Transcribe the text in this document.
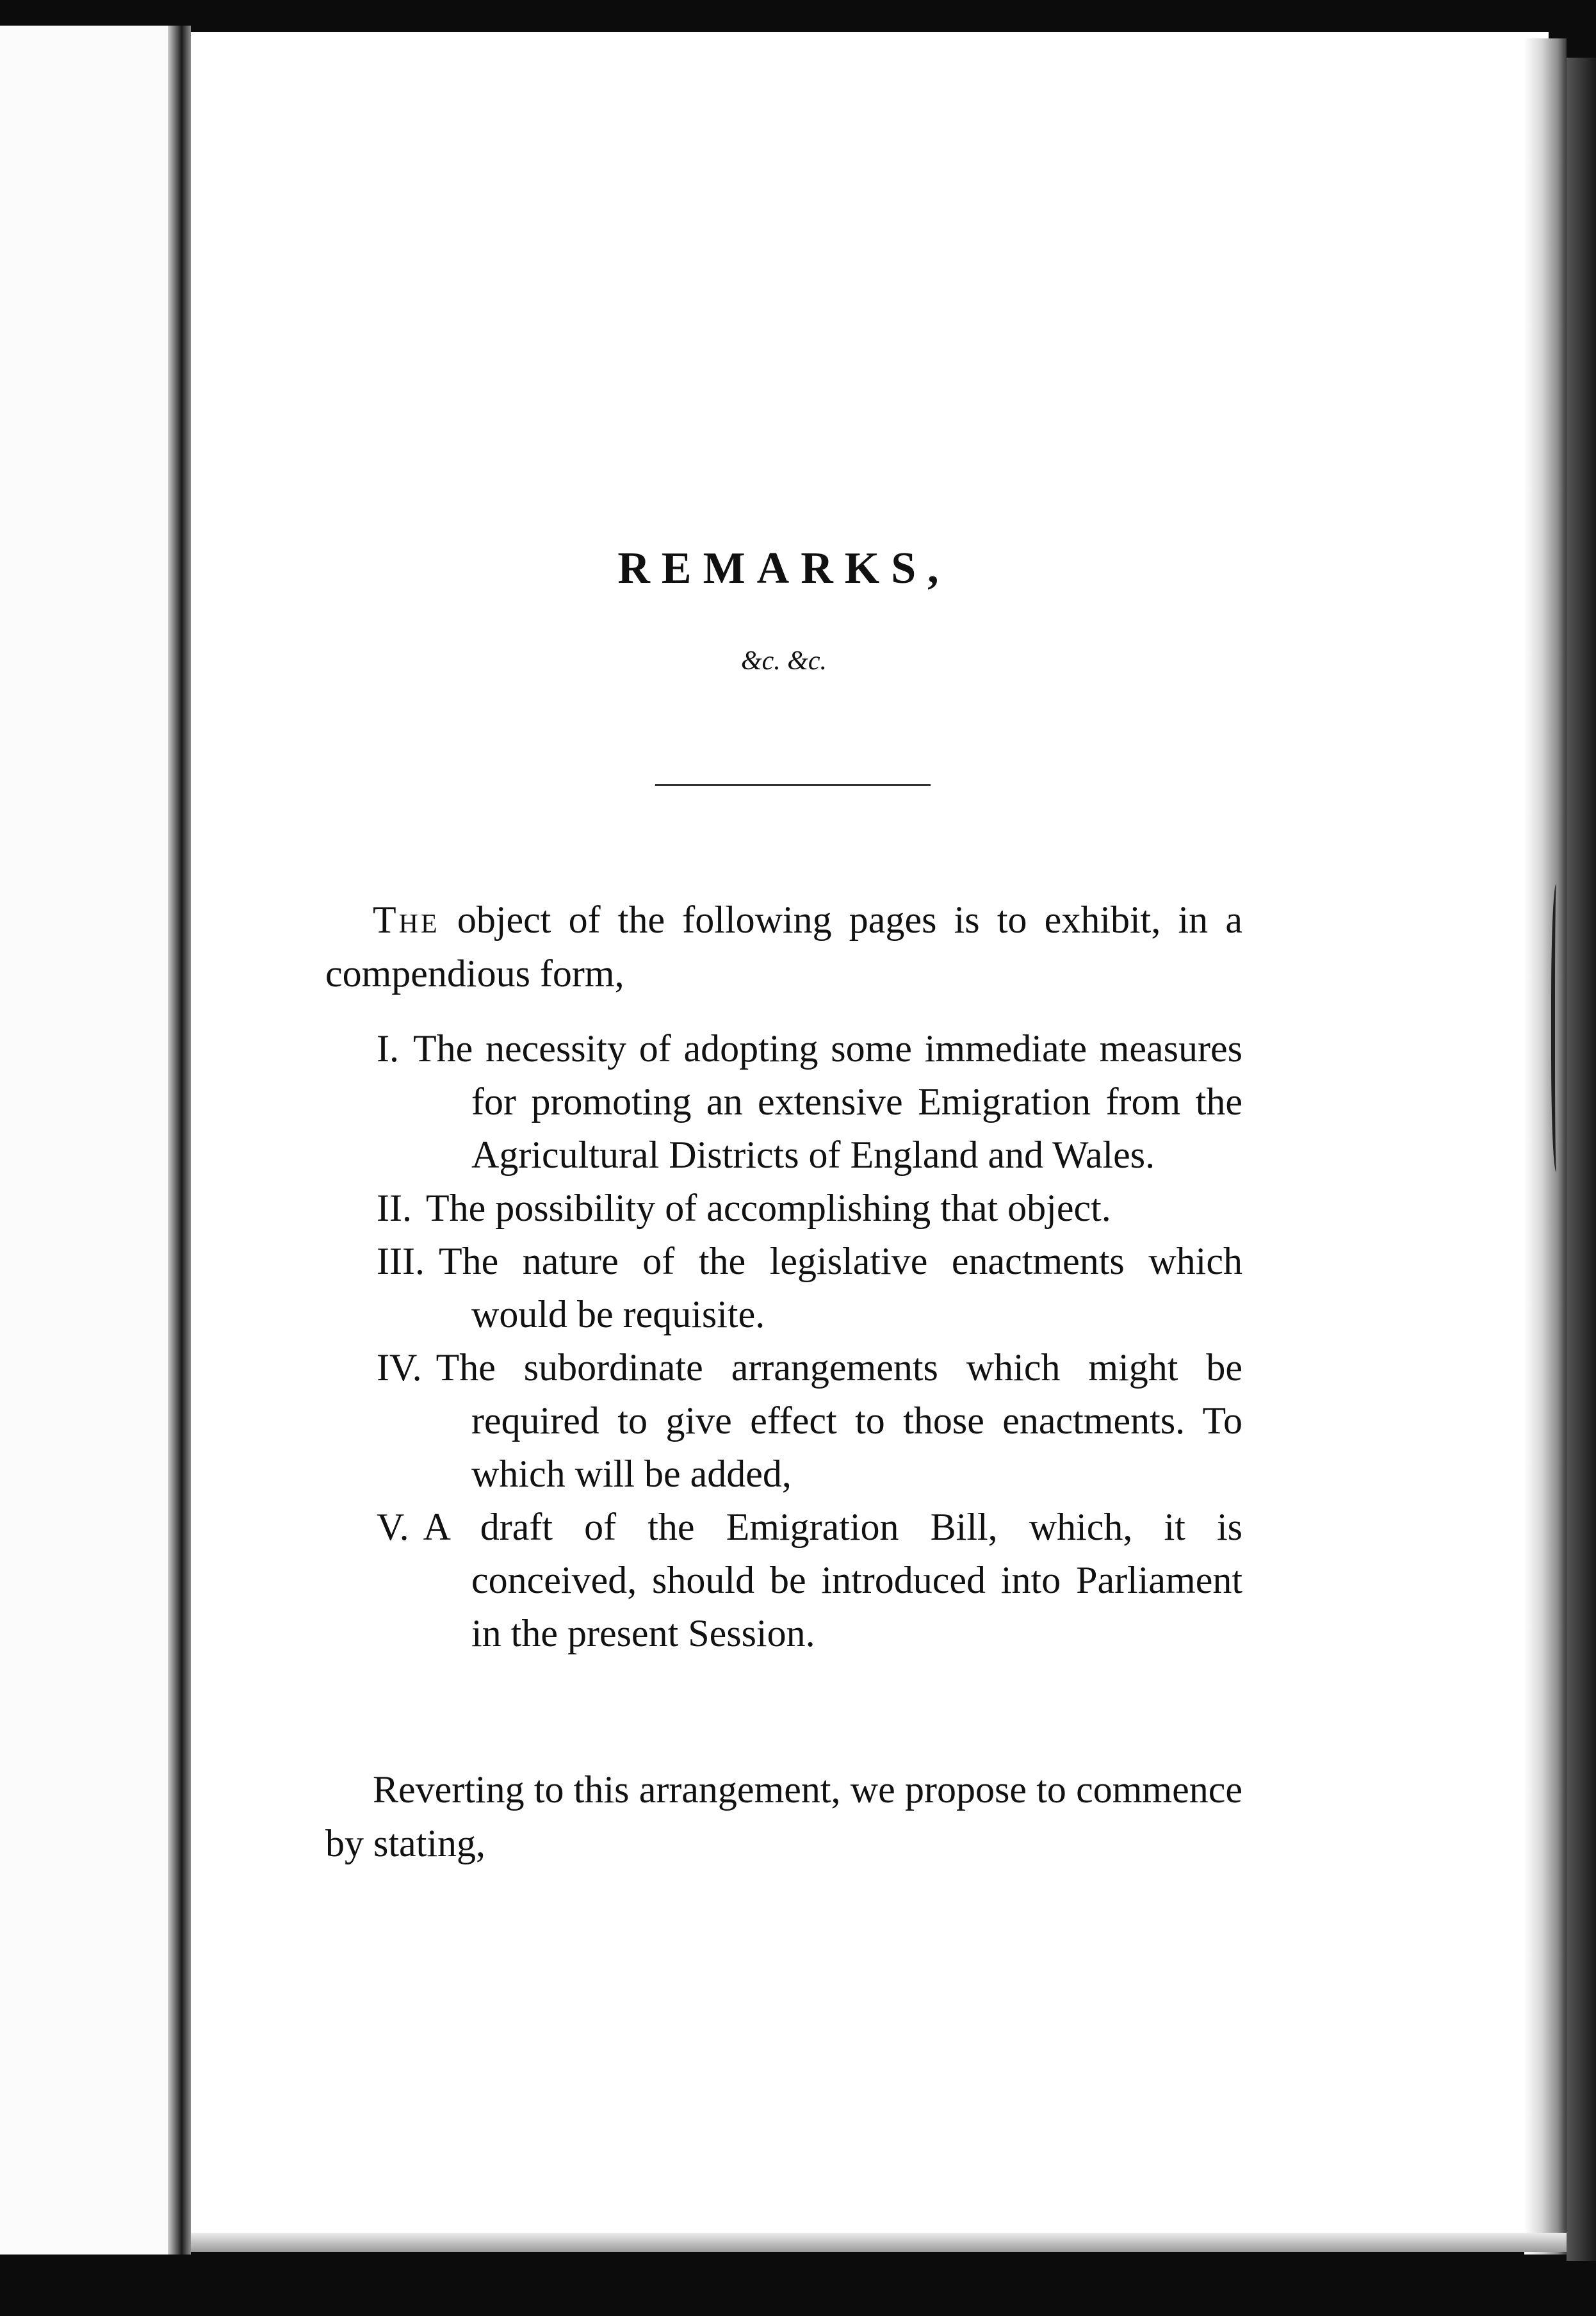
REMARKS,

&c. &c.

The object of the following pages is to exhibit, in a compendious form,

I. The necessity of adopting some immediate measures for promoting an extensive Emigration from the Agricultural Districts of England and Wales.
II. The possibility of accomplishing that object.
III. The nature of the legislative enactments which would be requisite.
IV. The subordinate arrangements which might be required to give effect to those enactments. To which will be added,
V. A draft of the Emigration Bill, which, it is conceived, should be introduced into Parliament in the present Session.

Reverting to this arrangement, we propose to commence by stating,
